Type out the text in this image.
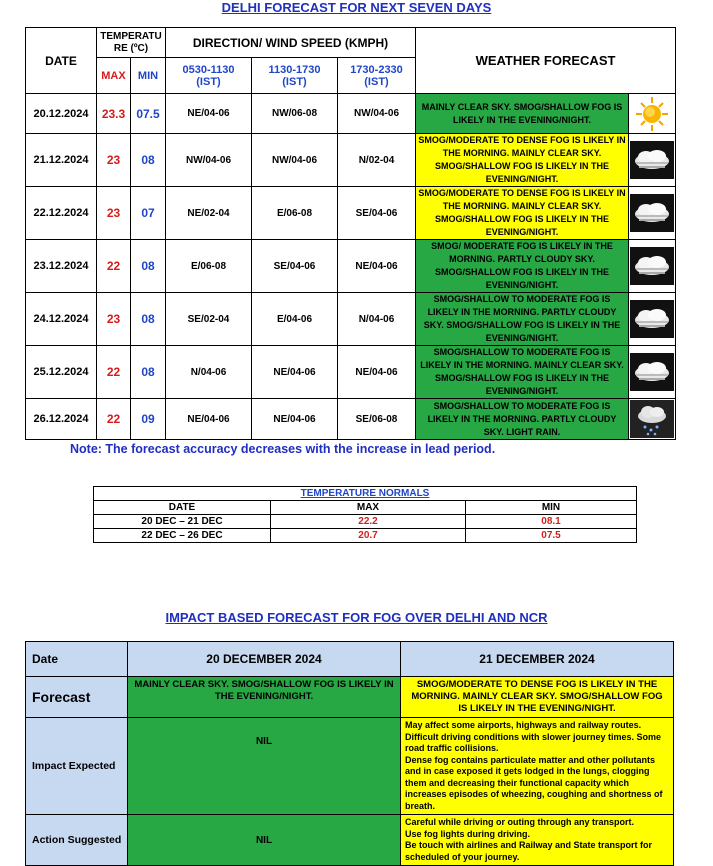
DELHI FORECAST FOR NEXT SEVEN DAYS
DATE	TEMPERATU RE (ºC)		DIRECTION/ WIND SPEED (KMPH)			WEATHER FORECAST	
	MAX	MIN	0530-1130 (IST)	1130-1730 (IST)	1730-2330 (IST)		
20.12.2024	23.3	07.5	NE/04-06	NW/06-08	NW/04-06	MAINLY CLEAR SKY. SMOG/SHALLOW FOG IS LIKELY IN THE EVENING/NIGHT.	

21.12.2024	23	08	NW/04-06	NW/04-06	N/02-04	SMOG/MODERATE TO DENSE FOG IS LIKELY IN THE MORNING. MAINLY CLEAR SKY. SMOG/SHALLOW FOG IS LIKELY IN THE EVENING/NIGHT.	

22.12.2024	23	07	NE/02-04	E/06-08	SE/04-06	SMOG/MODERATE TO DENSE FOG IS LIKELY IN THE MORNING. MAINLY CLEAR SKY. SMOG/SHALLOW FOG IS LIKELY IN THE EVENING/NIGHT.	

23.12.2024	22	08	E/06-08	SE/04-06	NE/04-06	SMOG/ MODERATE FOG IS LIKELY IN THE MORNING. PARTLY CLOUDY SKY. SMOG/SHALLOW FOG IS LIKELY IN THE EVENING/NIGHT.	

24.12.2024	23	08	SE/02-04	E/04-06	N/04-06	SMOG/SHALLOW TO MODERATE FOG IS LIKELY IN THE MORNING. PARTLY CLOUDY SKY. SMOG/SHALLOW FOG IS LIKELY IN THE EVENING/NIGHT.	

25.12.2024	22	08	N/04-06	NE/04-06	NE/04-06	SMOG/SHALLOW TO MODERATE FOG IS LIKELY IN THE MORNING. MAINLY CLEAR SKY. SMOG/SHALLOW FOG IS LIKELY IN THE EVENING/NIGHT.	

26.12.2024	22	09	NE/04-06	NE/04-06	SE/06-08	SMOG/SHALLOW TO MODERATE FOG IS LIKELY IN THE MORNING. PARTLY CLOUDY SKY. LIGHT RAIN.	
Note: The forecast accuracy decreases with the increase in lead period.
TEMPERATURE NORMALS		
DATE	MAX	MIN
20 DEC – 21 DEC	22.2	08.1
22 DEC – 26 DEC	20.7	07.5
IMPACT BASED FORECAST FOR FOG OVER DELHI AND NCR
Date	20 DECEMBER 2024	21 DECEMBER 2024
Forecast	MAINLY CLEAR SKY. SMOG/SHALLOW FOG IS LIKELY IN THE EVENING/NIGHT.	SMOG/MODERATE TO DENSE FOG IS LIKELY IN THE MORNING. MAINLY CLEAR SKY. SMOG/SHALLOW FOG IS LIKELY IN THE EVENING/NIGHT.
Impact Expected	NIL	May affect some airports, highways and railway routes.
Difficult driving conditions with slower journey times. Some road traffic collisions.
Dense fog contains particulate matter and other pollutants and in case exposed it gets lodged in the lungs, clogging them and decreasing their functional capacity which increases episodes of wheezing, coughing and shortness of breath.

Action Suggested	NIL	Careful while driving or outing through any transport.
Use fog lights during driving.
Be touch with airlines and Railway and State transport for scheduled of your journey.
